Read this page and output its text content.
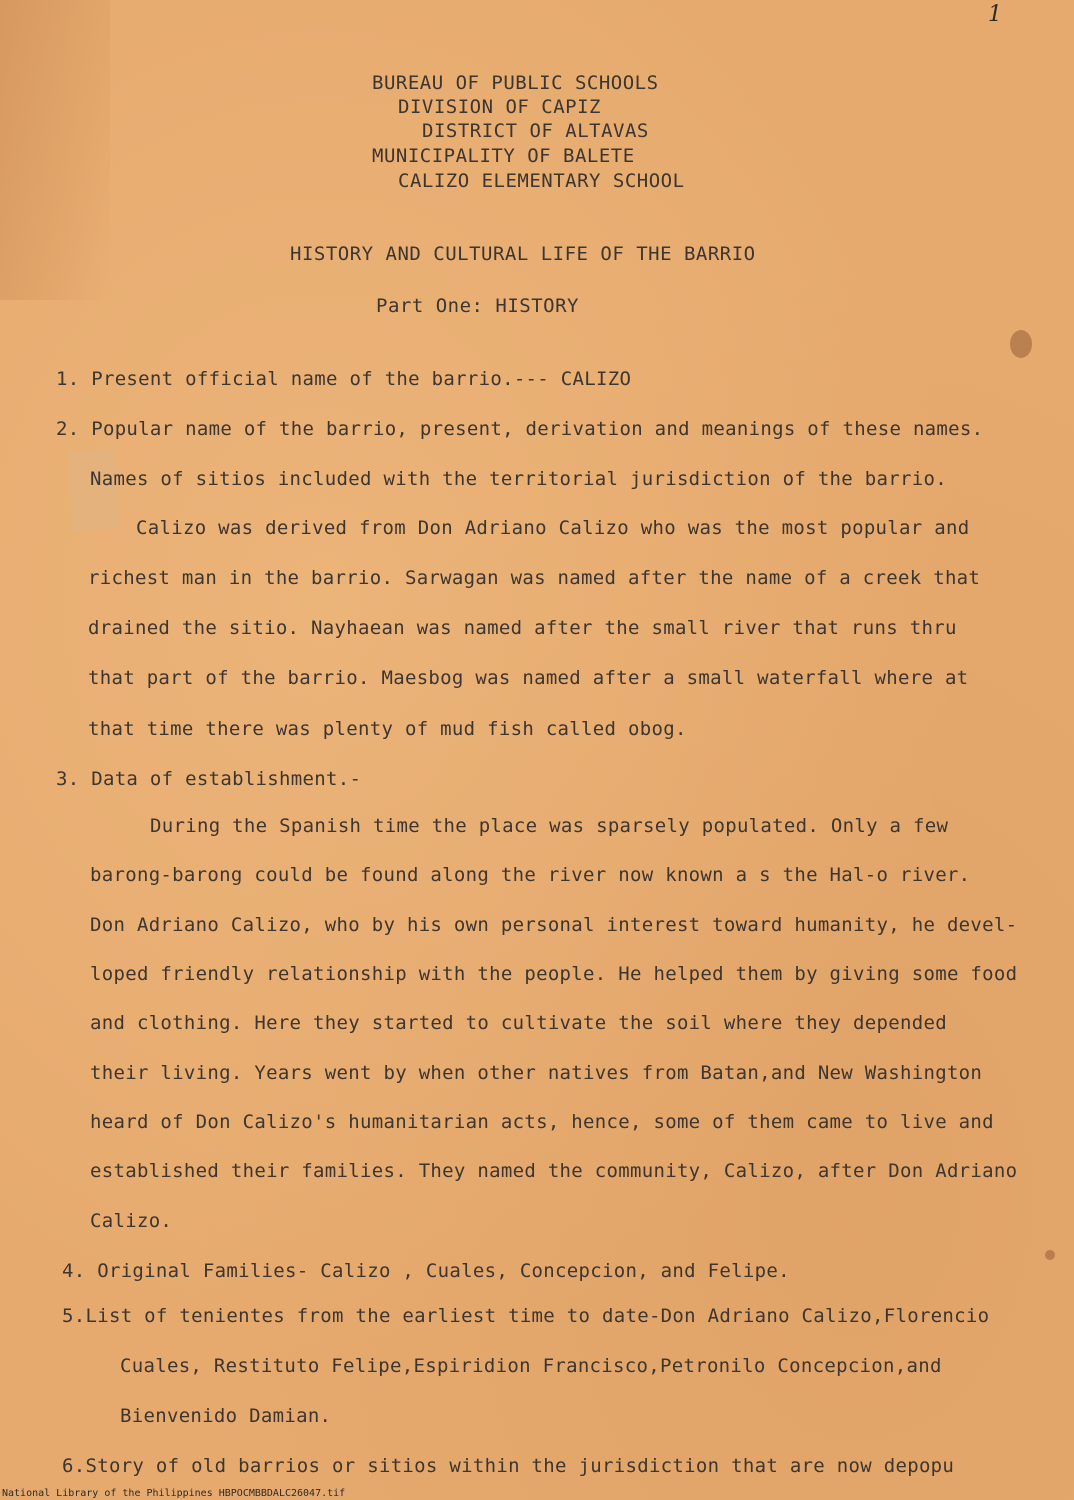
1
BUREAU OF PUBLIC SCHOOLS
DIVISION OF CAPIZ
DISTRICT OF ALTAVAS
MUNICIPALITY OF BALETE
CALIZO ELEMENTARY SCHOOL
HISTORY AND CULTURAL LIFE OF THE BARRIO
Part One: HISTORY
1. Present official name of the barrio.--- CALIZO
2. Popular name of the barrio, present, derivation and meanings of these names.
Names of sitios included with the territorial jurisdiction of the barrio.
Calizo was derived from Don Adriano Calizo who was the most popular and
richest man in the barrio. Sarwagan was named after the name of a creek that
drained the sitio. Nayhaean was named after the small river that runs thru
that part of the barrio. Maesbog was named after a small waterfall where at
that time there was plenty of mud fish called obog.
3. Data of establishment.-
During the Spanish time the place was sparsely populated. Only a few
barong-barong could be found along the river now known a s the Hal-o river.
Don Adriano Calizo, who by his own personal interest toward humanity, he devel-
loped friendly relationship with the people. He helped them by giving some food
and clothing. Here they started to cultivate the soil where they depended
their living. Years went by when other natives from Batan,and New Washington
heard of Don Calizo's humanitarian acts, hence, some of them came to live and
established their families. They named the community, Calizo, after Don Adriano
Calizo.
4. Original Families- Calizo , Cuales, Concepcion, and Felipe.
5.List of tenientes from the earliest time to date-Don Adriano Calizo,Florencio
Cuales, Restituto Felipe,Espiridion Francisco,Petronilo Concepcion,and
Bienvenido Damian.
6.Story of old barrios or sitios within the jurisdiction that are now depopu
National Library of the Philippines HBPOCMBBDALC26047.tif
